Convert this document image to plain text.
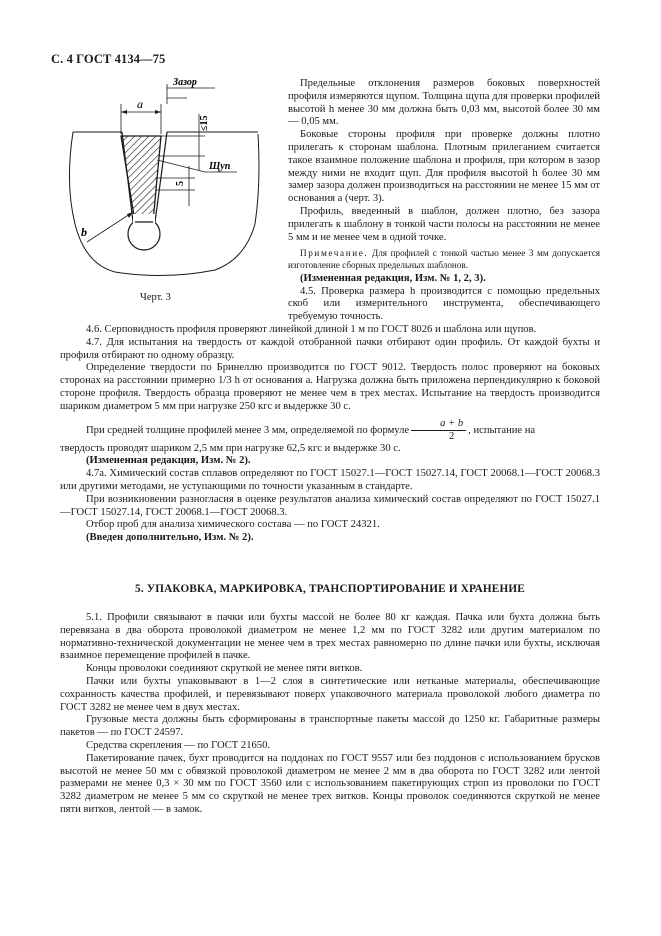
С. 4 ГОСТ 4134—75
a
Зазор
≤15
5
Щуп
b
Черт. 3

Предельные отклонения размеров боковых поверхностей профиля измеряются щупом. Толщина щупа для проверки профилей высотой h менее 30 мм должна быть 0,03 мм, высотой более 30 мм — 0,05 мм.

Боковые стороны профиля при проверке должны плотно прилегать к сторонам шаблона. Плотным прилеганием считается такое взаимное положение шаблона и профиля, при котором в зазор между ними не входит щуп. Для профиля высотой h более 30 мм замер зазора должен производиться на расстоянии не менее 15 мм от основания a (черт. 3).

Профиль, введенный в шаблон, должен плотно, без зазора прилегать к шаблону в тонкой части полосы на расстоянии не менее 5 мм и не менее чем в одной точке.

Примечание. Для профилей с тонкой частью менее 3 мм допускается изготовление сборных предельных шаблонов.

(Измененная редакция, Изм. № 1, 2, 3).

4.5. Проверка размера h производится с помощью предельных скоб или измерительного инструмента, обеспечивающего требуемую точность.

4.6. Серповидность профиля проверяют линейкой длиной 1 м по ГОСТ 8026 и шаблона или щупов.

4.7. Для испытания на твердость от каждой отобранной пачки отбирают один профиль. От каждой бухты и профиля отбирают по одному образцу.

Определение твердости по Бринеллю производится по ГОСТ 9012. Твердость полос проверяют на боковых сторонах на расстоянии примерно 1/3 h от основания a. Нагрузка должна быть приложена перпендикулярно к боковой стороне профиля. Твердость образца проверяют не менее чем в трех местах. Испытание на твердость производится шариком диаметром 5 мм при нагрузке 250 кгс и выдержке 30 с.

При средней толщине профилей менее 3 мм, определяемой по формуле $\frac{a + b}{2}$ , испытание на

твердость проводят шариком 2,5 мм при нагрузке 62,5 кгс и выдержке 30 с.

(Измененная редакция, Изм. № 2).

4.7а. Химический состав сплавов определяют по ГОСТ 15027.1—ГОСТ 15027.14, ГОСТ 20068.1—ГОСТ 20068.3 или другими методами, не уступающими по точности указанным в стандарте.

При возникновении разногласия в оценке результатов анализа химический состав определяют по ГОСТ 15027.1—ГОСТ 15027.14, ГОСТ 20068.1—ГОСТ 20068.3.

Отбор проб для анализа химического состава — по ГОСТ 24321.

(Введен дополнительно, Изм. № 2).

5. УПАКОВКА, МАРКИРОВКА, ТРАНСПОРТИРОВАНИЕ И ХРАНЕНИЕ

5.1. Профили связывают в пачки или бухты массой не более 80 кг каждая. Пачка или бухта должна быть перевязана в два оборота проволокой диаметром не менее 1,2 мм по ГОСТ 3282 или другим материалом по нормативно-технической документации не менее чем в трех местах равномерно по длине пачки или бухты, исключая взаимное перемещение профилей в пачке.

Концы проволоки соединяют скруткой не менее пяти витков.

Пачки или бухты упаковывают в 1—2 слоя в синтетические или нетканые материалы, обеспечивающие сохранность качества профилей, и перевязывают поверх упаковочного материала проволокой любого диаметра по ГОСТ 3282 не менее чем в двух местах.

Грузовые места должны быть сформированы в транспортные пакеты массой до 1250 кг. Габаритные размеры пакетов — по ГОСТ 24597.

Средства скрепления — по ГОСТ 21650.

Пакетирование пачек, бухт проводится на поддонах по ГОСТ 9557 или без поддонов с использованием брусков высотой не менее 50 мм с обвязкой проволокой диаметром не менее 2 мм в два оборота по ГОСТ 3282 или лентой размерами не менее 0,3 × 30 мм по ГОСТ 3560 или с использованием пакетирующих строп из проволоки по ГОСТ 3282 диаметром не менее 5 мм со скруткой не менее трех витков. Концы проволок соединяются скруткой не менее пяти витков, лентой — в замок.
